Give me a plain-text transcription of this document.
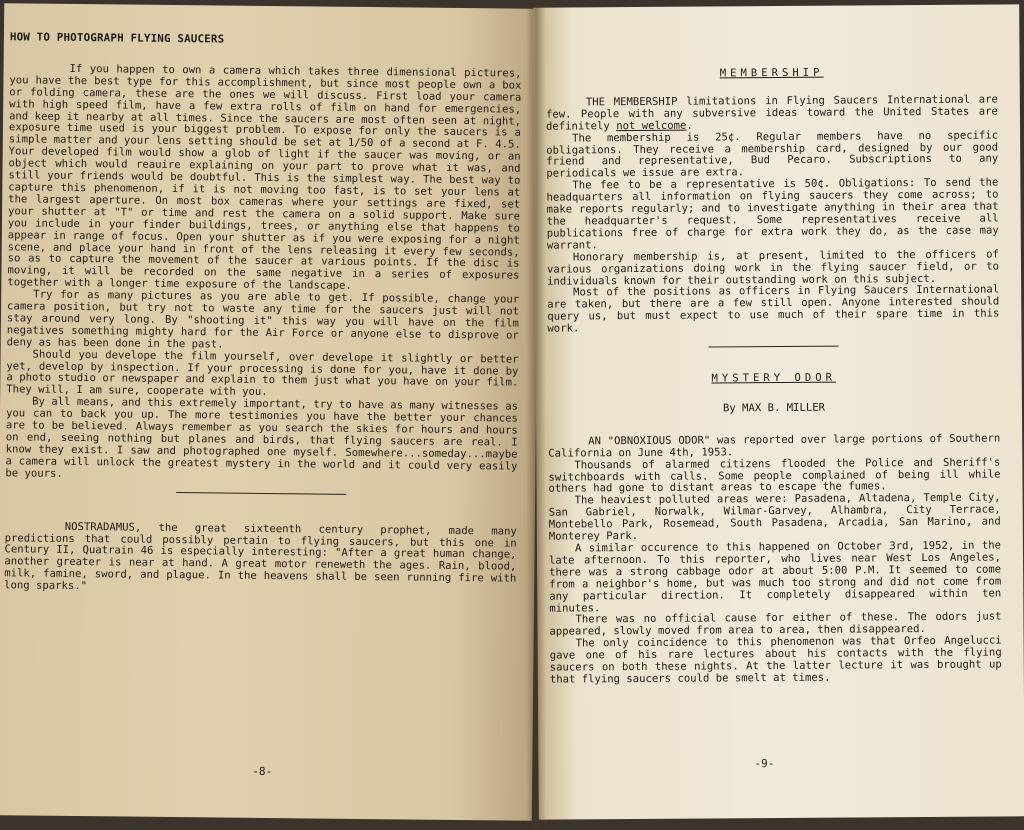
HOW TO PHOTOGRAPH FLYING SAUCERS

If you happen to own a camera which takes three dimensional pictures, you have the best type for this accomplishment, but since most people own a box or folding camera, these are the ones we will discuss. First load your camera with high speed film, have a few extra rolls of film on hand for emergencies, and keep it nearby at all times. Since the saucers are most often seen at night, exposure time used is your biggest problem. To expose for only the saucers is a simple matter and your lens setting should be set at 1/50 of a second at F. 4.5. Your developed film would show a glob of light if the saucer was moving, or an object which would reauire explaining on your part to prove what it was, and still your friends would be doubtful. This is the simplest way. The best way to capture this phenomenon, if it is not moving too fast, is to set your lens at the largest aperture. On most box cameras where your settings are fixed, set your shutter at "T" or time and rest the camera on a solid support. Make sure you include in your finder buildings, trees, or anything else that happens to appear in range of focus. Open your shutter as if you were exposing for a night scene, and place your hand in front of the lens releasing it every few seconds, so as to capture the movement of the saucer at various points. If the disc is moving, it will be recorded on the same negative in a series of exposures together with a longer time exposure of the landscape.

Try for as many pictures as you are able to get. If possible, change your camera position, but try not to waste any time for the saucers just will not stay around very long. By "shooting it" this way you will have on the film negatives something mighty hard for the Air Force or anyone else to disprove or deny as has been done in the past.

Should you develope the film yourself, over develope it slightly or better yet, develop by inspection. If your processing is done for you, have it done by a photo studio or newspaper and explain to them just what you have on your film. They will, I am sure, cooperate with you.

By all means, and this extremely important, try to have as many witnesses as you can to back you up. The more testimonies you have the better your chances are to be believed. Always remember as you search the skies for hours and hours on end, seeing nothing but planes and birds, that flying saucers are real. I know they exist. I saw and photographed one myself. Somewhere...someday...maybe a camera will unlock the greatest mystery in the world and it could very easily be yours.

NOSTRADAMUS, the great sixteenth century prophet, made many predictions that could possibly pertain to flying saucers, but this one in Century II, Quatrain 46 is especially interesting: "After a great human change, another greater is near at hand. A great motor reneweth the ages. Rain, blood, milk, famine, sword, and plague. In the heavens shall be seen running fire with long sparks."

-8-
MEMBERSHIP

THE MEMBERSHIP limitations in Flying Saucers International are few. People with any subversive ideas toward the United States are definitely not welcome.

The membership is 25¢. Regular members have no specific obligations. They receive a membership card, designed by our good friend and representative, Bud Pecaro. Subscriptions to any periodicals we issue are extra.

The fee to be a representative is 50¢. Obligations: To send the headquarters all information on flying saucers they come across; to make reports regularly; and to investigate anything in their area that the headquarter's request. Some representatives receive all publications free of charge for extra work they do, as the case may warrant.

Honorary membership is, at present, limited to the officers of various organizations doing work in the flying saucer field, or to individuals known for their outstanding work on this subject.

Most of the positions as officers in Flying Saucers International are taken, but there are a few still open. Anyone interested should query us, but must expect to use much of their spare time in this work.

MYSTERY ODOR
By MAX B. MILLER

AN "OBNOXIOUS ODOR" was reported over large portions of Southern California on June 4th, 1953.

Thousands of alarmed citizens flooded the Police and Sheriff's switchboards with calls. Some people complained of being ill while others had gone to distant areas to escape the fumes.

The heaviest polluted areas were: Pasadena, Altadena, Temple City, San Gabriel, Norwalk, Wilmar-Garvey, Alhambra, City Terrace, Montebello Park, Rosemead, South Pasadena, Arcadia, San Marino, and Monterey Park.

A similar occurence to this happened on October 3rd, 1952, in the late afternoon. To this reporter, who lives near West Los Angeles, there was a strong cabbage odor at about 5:00 P.M. It seemed to come from a neighbor's home, but was much too strong and did not come from any particular direction. It completely disappeared within ten minutes.

There was no official cause for either of these. The odors just appeared, slowly moved from area to area, then disappeared.

The only coincidence to this phenomenon was that Orfeo Angelucci gave one of his rare lectures about his contacts with the flying saucers on both these nights. At the latter lecture it was brought up that flying saucers could be smelt at times.

-9-
